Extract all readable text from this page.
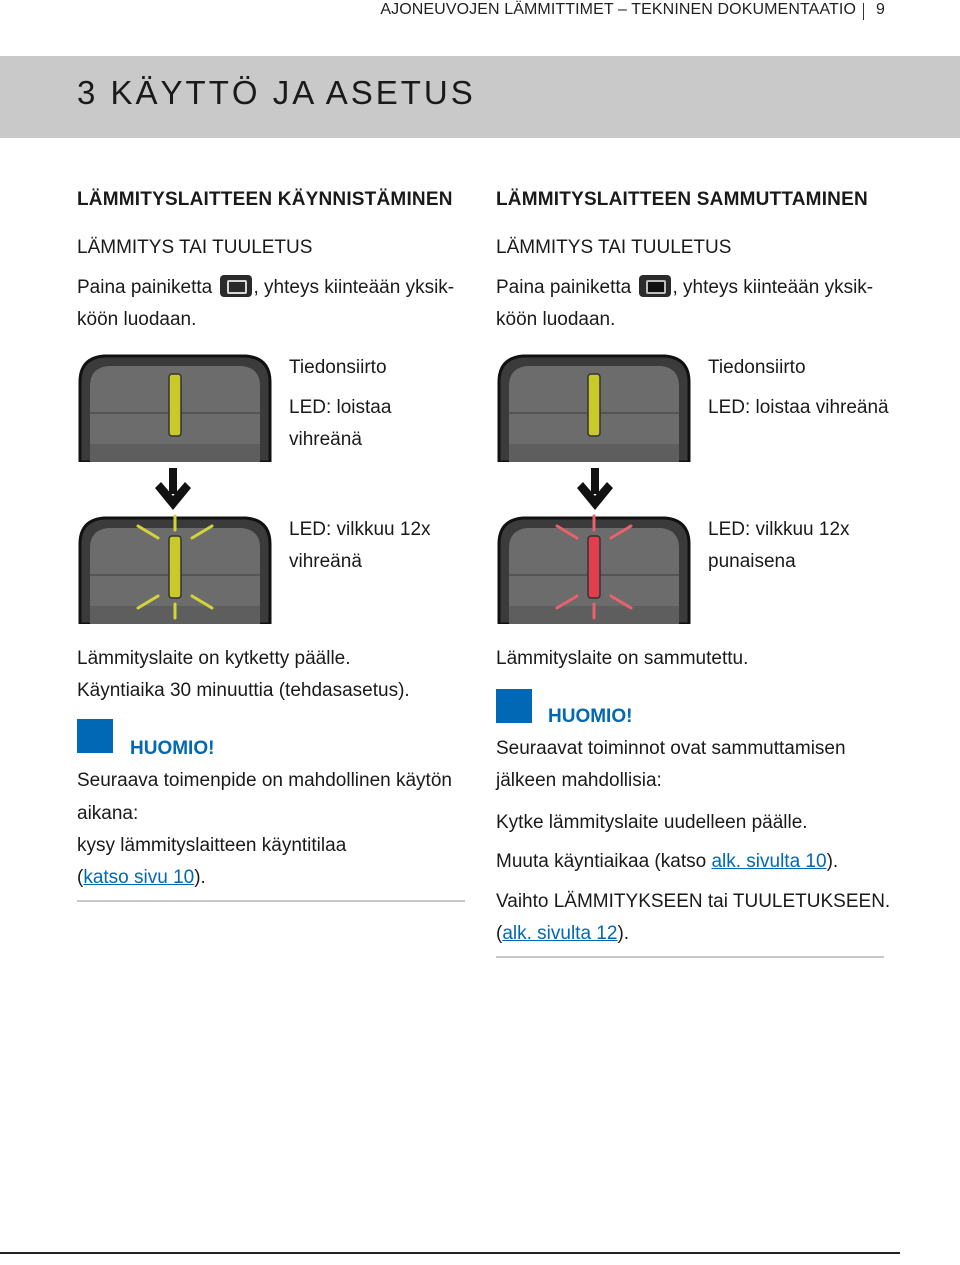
AJONEUVOJEN LÄMMITTIMET – TEKNINEN DOKUMENTAATIO 9
3 KÄYTTÖ JA ASETUS
LÄMMITYSLAITTEEN KÄYNNISTÄMINEN
LÄMMITYS TAI TUULETUS
Paina painiketta , yhteys kiinteään yksik-
köön luodaan.
Tiedonsiirto
LED: loistaa
vihreänä
LED: vilkkuu 12x
vihreänä
Lämmityslaite on kytketty päälle.
Käyntiaika 30 minuuttia (tehdasasetus).
HUOMIO!
Seuraava toimenpide on mahdollinen käytön
aikana:
kysy lämmityslaitteen käyntitilaa
(katso sivu 10).
LÄMMITYSLAITTEEN SAMMUTTAMINEN
LÄMMITYS TAI TUULETUS
Paina painiketta , yhteys kiinteään yksik-
köön luodaan.
Tiedonsiirto
LED: loistaa vihreänä
LED: vilkkuu 12x
punaisena
Lämmityslaite on sammutettu.
HUOMIO!
Seuraavat toiminnot ovat sammuttamisen
jälkeen mahdollisia:
Kytke lämmityslaite uudelleen päälle.
Muuta käyntiaikaa (katso alk. sivulta 10).
Vaihto LÄMMITYKSEEN tai TUULETUKSEEN.
(alk. sivulta 12).
